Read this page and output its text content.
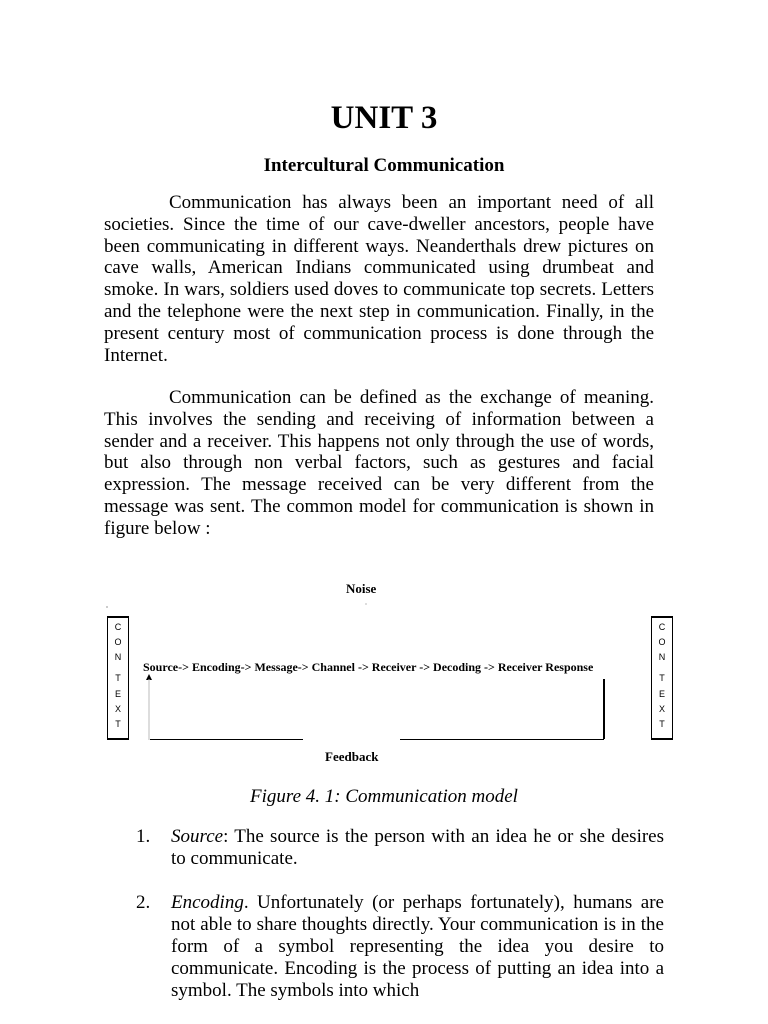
UNIT 3
Intercultural Communication

Communication has always been an important need of all societies. Since the time of our cave-dweller ancestors, people have been communicating in different ways. Neanderthals drew pictures on cave walls, American Indians communicated using drumbeat and smoke. In wars, soldiers used doves to communicate top secrets. Letters and the telephone were the next step in communication. Finally, in the present century most of communication process is done through the Internet.

Communication can be defined as the exchange of meaning. This involves the sending and receiving of information between a sender and a receiver. This happens not only through the use of words, but also through non verbal factors, such as gestures and facial expression. The message received can be very different from the message was sent. The common model for communication is shown in figure below :

Noise
C
O
N
T
E
X
T
C
O
N
T
E
X
T
Source-> Encoding-> Message-> Channel -> Receiver -> Decoding -> Receiver Response
Feedback
Figure 4. 1: Communication model
1. Source: The source is the person with an idea he or she desires to communicate.
2. Encoding. Unfortunately (or perhaps fortunately), humans are not able to share thoughts directly. Your communication is in the form of a symbol representing the idea you desire to communicate. Encoding is the process of putting an idea into a symbol. The symbols into which
